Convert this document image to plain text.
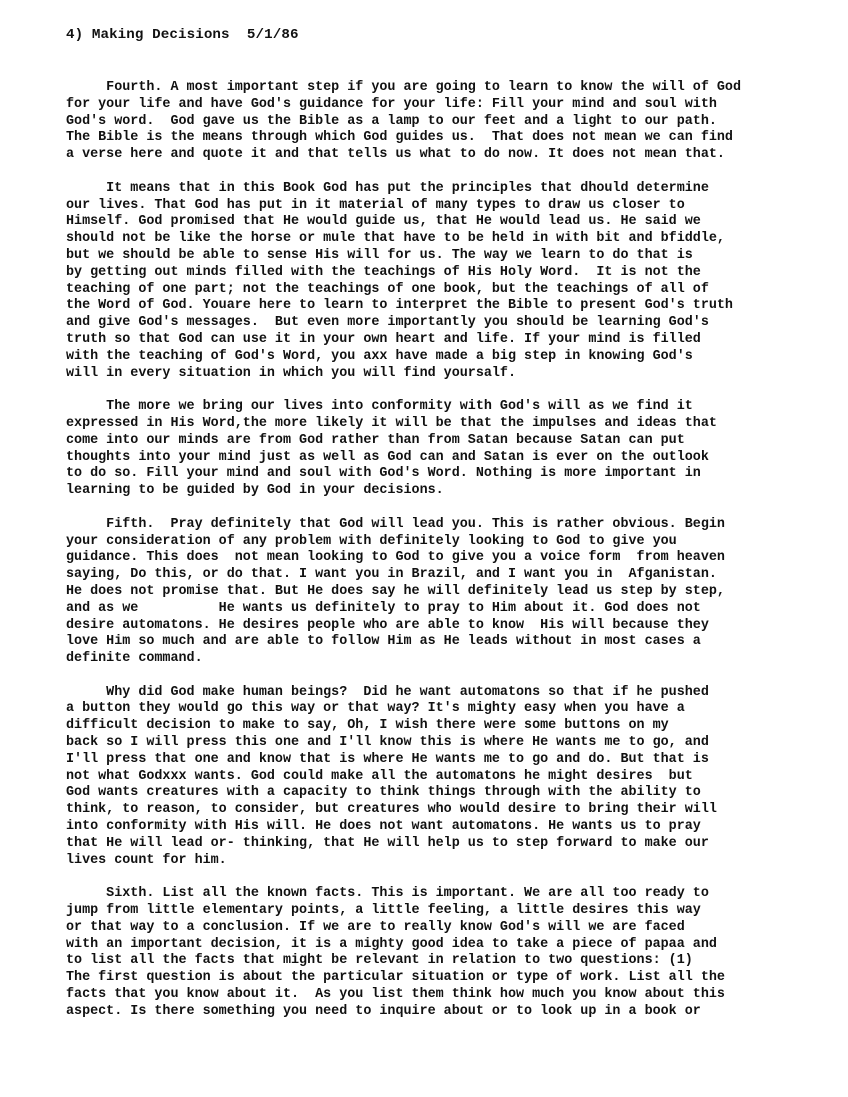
4) Making Decisions  5/1/86
Fourth. A most important step if you are going to learn to know the will of God
for your life and have God's guidance for your life: Fill your mind and soul with
God's word.  God gave us the Bible as a lamp to our feet and a light to our path.
The Bible is the means through which God guides us.  That does not mean we can find
a verse here and quote it and that tells us what to do now. It does not mean that.
It means that in this Book God has put the principles that dhould determine
our lives. That God has put in it material of many types to draw us closer to
Himself. God promised that He would guide us, that He would lead us. He said we
should not be like the horse or mule that have to be held in with bit and bfiddle,
but we should be able to sense His will for us. The way we learn to do that is
by getting out minds filled with the teachings of His Holy Word.  It is not the
teaching of one part; not the teachings of one book, but the teachings of all of
the Word of God. Youare here to learn to interpret the Bible to present God's truth
and give God's messages.  But even more importantly you should be learning God's
truth so that God can use it in your own heart and life. If your mind is filled
with the teaching of God's Word, you axx have made a big step in knowing God's
will in every situation in which you will find yoursalf.
The more we bring our lives into conformity with God's will as we find it
expressed in His Word,the more likely it will be that the impulses and ideas that
come into our minds are from God rather than from Satan because Satan can put
thoughts into your mind just as well as God can and Satan is ever on the outlook
to do so. Fill your mind and soul with God's Word. Nothing is more important in
learning to be guided by God in your decisions.
Fifth.  Pray definitely that God will lead you. This is rather obvious. Begin
your consideration of any problem with definitely looking to God to give you
guidance. This does  not mean looking to God to give you a voice form  from heaven
saying, Do this, or do that. I want you in Brazil, and I want you in  Afganistan.
He does not promise that. But He does say he will definitely lead us step by step,
and as we          He wants us definitely to pray to Him about it. God does not
desire automatons. He desires people who are able to know  His will because they
love Him so much and are able to follow Him as He leads without in most cases a
definite command.
Why did God make human beings?  Did he want automatons so that if he pushed
a button they would go this way or that way? It's mighty easy when you have a
difficult decision to make to say, Oh, I wish there were some buttons on my
back so I will press this one and I'll know this is where He wants me to go, and
I'll press that one and know that is where He wants me to go and do. But that is
not what Godxxx wants. God could make all the automatons he might desires  but
God wants creatures with a capacity to think things through with the ability to
think, to reason, to consider, but creatures who would desire to bring their will
into conformity with His will. He does not want automatons. He wants us to pray
that He will lead or- thinking, that He will help us to step forward to make our
lives count for him.
Sixth. List all the known facts. This is important. We are all too ready to
jump from little elementary points, a little feeling, a little desires this way
or that way to a conclusion. If we are to really know God's will we are faced
with an important decision, it is a mighty good idea to take a piece of papaa and
to list all the facts that might be relevant in relation to two questions: (1)
The first question is about the particular situation or type of work. List all the
facts that you know about it.  As you list them think how much you know about this
aspect. Is there something you need to inquire about or to look up in a book or
